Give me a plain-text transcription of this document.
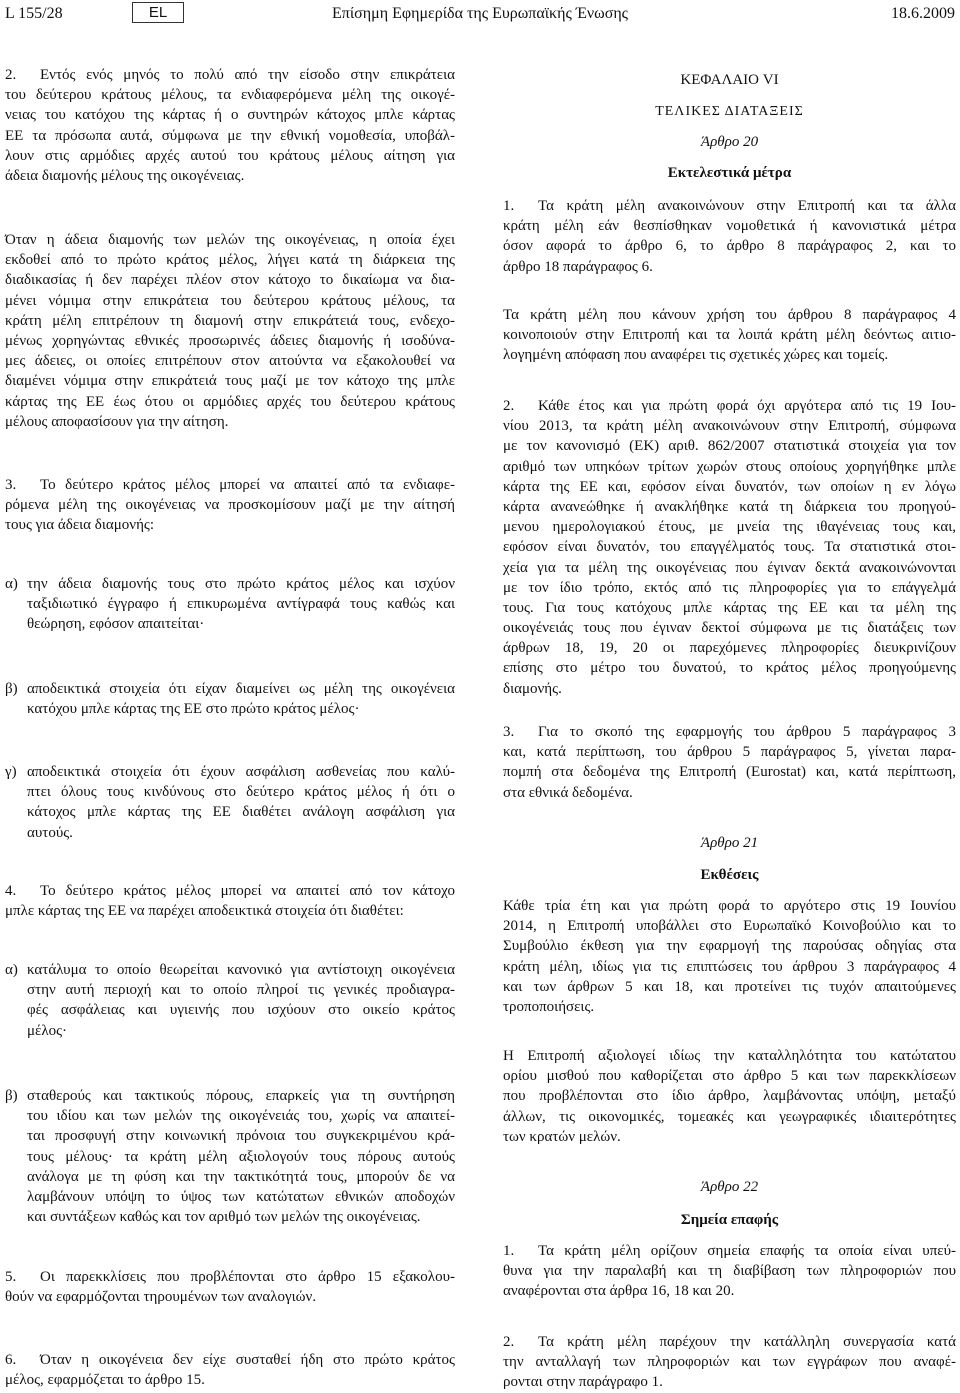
L 155/28	Επίσημη Εφημερίδα της Ευρωπαϊκής Ένωσης
EL	18.6.2009
2. Εντός ενός μηνός το πολύ από την είσοδο στην επικράτεια
του δεύτερου κράτους μέλους, τα ενδιαφερόμενα μέλη της οικογέ-
νειας του κατόχου της κάρτας ή ο συντηρών κάτοχος μπλε κάρτας
ΕΕ τα πρόσωπα αυτά, σύμφωνα με την εθνική νομοθεσία, υποβάλ-
λουν στις αρμόδιες αρχές αυτού του κράτους μέλους αίτηση για
άδεια διαμονής μέλους της οικογένειας.
Όταν η άδεια διαμονής των μελών της οικογένειας, η οποία έχει
εκδοθεί από το πρώτο κράτος μέλος, λήγει κατά τη διάρκεια της
διαδικασίας ή δεν παρέχει πλέον στον κάτοχο το δικαίωμα να δια-
μένει νόμιμα στην επικράτεια του δεύτερου κράτους μέλους, τα
κράτη μέλη επιτρέπουν τη διαμονή στην επικράτειά τους, ενδεχο-
μένως χορηγώντας εθνικές προσωρινές άδειες διαμονής ή ισοδύνα-
μες άδειες, οι οποίες επιτρέπουν στον αιτούντα να εξακολουθεί να
διαμένει νόμιμα στην επικράτειά τους μαζί με τον κάτοχο της μπλε
κάρτας της ΕΕ έως ότου οι αρμόδιες αρχές του δεύτερου κράτους
μέλους αποφασίσουν για την αίτηση.
3. Το δεύτερο κράτος μέλος μπορεί να απαιτεί από τα ενδιαφε-
ρόμενα μέλη της οικογένειας να προσκομίσουν μαζί με την αίτησή
τους για άδεια διαμονής:
α) την άδεια διαμονής τους στο πρώτο κράτος μέλος και ισχύον
ταξιδιωτικό έγγραφο ή επικυρωμένα αντίγραφά τους καθώς και
θεώρηση, εφόσον απαιτείται·
β) αποδεικτικά στοιχεία ότι είχαν διαμείνει ως μέλη της οικογένεια
κατόχου μπλε κάρτας της ΕΕ στο πρώτο κράτος μέλος·
γ) αποδεικτικά στοιχεία ότι έχουν ασφάλιση ασθενείας που καλύ-
πτει όλους τους κινδύνους στο δεύτερο κράτος μέλος ή ότι ο
κάτοχος μπλε κάρτας της ΕΕ διαθέτει ανάλογη ασφάλιση για
αυτούς.
4. Το δεύτερο κράτος μέλος μπορεί να απαιτεί από τον κάτοχο
μπλε κάρτας της ΕΕ να παρέχει αποδεικτικά στοιχεία ότι διαθέτει:
α) κατάλυμα το οποίο θεωρείται κανονικό για αντίστοιχη οικογένεια
στην αυτή περιοχή και το οποίο πληροί τις γενικές προδιαγρα-
φές ασφάλειας και υγιεινής που ισχύουν στο οικείο κράτος
μέλος·
β) σταθερούς και τακτικούς πόρους, επαρκείς για τη συντήρηση
του ιδίου και των μελών της οικογένειάς του, χωρίς να απαιτεί-
ται προσφυγή στην κοινωνική πρόνοια του συγκεκριμένου κρά-
τους μέλους· τα κράτη μέλη αξιολογούν τους πόρους αυτούς
ανάλογα με τη φύση και την τακτικότητά τους, μπορούν δε να
λαμβάνουν υπόψη το ύψος των κατώτατων εθνικών αποδοχών
και συντάξεων καθώς και τον αριθμό των μελών της οικογένειας.
5. Οι παρεκκλίσεις που προβλέπονται στο άρθρο 15 εξακολου-
θούν να εφαρμόζονται τηρουμένων των αναλογιών.
6. Όταν η οικογένεια δεν είχε συσταθεί ήδη στο πρώτο κράτος
μέλος, εφαρμόζεται το άρθρο 15.
ΚΕΦΑΛΑΙΟ VI
ΤΕΛΙΚΕΣ ΔΙΑΤΑΞΕΙΣ
Άρθρο 20
Εκτελεστικά μέτρα
1. Τα κράτη μέλη ανακοινώνουν στην Επιτροπή και τα άλλα
κράτη μέλη εάν θεσπίσθηκαν νομοθετικά ή κανονιστικά μέτρα
όσον αφορά το άρθρο 6, το άρθρο 8 παράγραφος 2, και το
άρθρο 18 παράγραφος 6.
Τα κράτη μέλη που κάνουν χρήση του άρθρου 8 παράγραφος 4
κοινοποιούν στην Επιτροπή και τα λοιπά κράτη μέλη δεόντως αιτιο-
λογημένη απόφαση που αναφέρει τις σχετικές χώρες και τομείς.
2. Κάθε έτος και για πρώτη φορά όχι αργότερα από τις 19 Ιου-
νίου 2013, τα κράτη μέλη ανακοινώνουν στην Επιτροπή, σύμφωνα
με τον κανονισμό (ΕΚ) αριθ. 862/2007 στατιστικά στοιχεία για τον
αριθμό των υπηκόων τρίτων χωρών στους οποίους χορηγήθηκε μπλε
κάρτα της ΕΕ και, εφόσον είναι δυνατόν, των οποίων η εν λόγω
κάρτα ανανεώθηκε ή ανακλήθηκε κατά τη διάρκεια του προηγού-
μενου ημερολογιακού έτους, με μνεία της ιθαγένειας τους και,
εφόσον είναι δυνατόν, του επαγγέλματός τους. Τα στατιστικά στοι-
χεία για τα μέλη της οικογένειας που έγιναν δεκτά ανακοινώνονται
με τον ίδιο τρόπο, εκτός από τις πληροφορίες για το επάγγελμά
τους. Για τους κατόχους μπλε κάρτας της ΕΕ και τα μέλη της
οικογένειάς τους που έγιναν δεκτοί σύμφωνα με τις διατάξεις των
άρθρων 18, 19, 20 οι παρεχόμενες πληροφορίες διευκρινίζουν
επίσης στο μέτρο του δυνατού, το κράτος μέλος προηγούμενης
διαμονής.
3. Για το σκοπό της εφαρμογής του άρθρου 5 παράγραφος 3
και, κατά περίπτωση, του άρθρου 5 παράγραφος 5, γίνεται παρα-
πομπή στα δεδομένα της Επιτροπή (Eurostat) και, κατά περίπτωση,
στα εθνικά δεδομένα.
Άρθρο 21
Εκθέσεις
Κάθε τρία έτη και για πρώτη φορά το αργότερο στις 19 Ιουνίου
2014, η Επιτροπή υποβάλλει στο Ευρωπαϊκό Κοινοβούλιο και το
Συμβούλιο έκθεση για την εφαρμογή της παρούσας οδηγίας στα
κράτη μέλη, ιδίως για τις επιπτώσεις του άρθρου 3 παράγραφος 4
και των άρθρων 5 και 18, και προτείνει τις τυχόν απαιτούμενες
τροποποιήσεις.
Η Επιτροπή αξιολογεί ιδίως την καταλληλότητα του κατώτατου
ορίου μισθού που καθορίζεται στο άρθρο 5 και των παρεκκλίσεων
που προβλέπονται στο ίδιο άρθρο, λαμβάνοντας υπόψη, μεταξύ
άλλων, τις οικονομικές, τομεακές και γεωγραφικές ιδιαιτερότητες
των κρατών μελών.
Άρθρο 22
Σημεία επαφής
1. Τα κράτη μέλη ορίζουν σημεία επαφής τα οποία είναι υπεύ-
θυνα για την παραλαβή και τη διαβίβαση των πληροφοριών που
αναφέρονται στα άρθρα 16, 18 και 20.
2. Τα κράτη μέλη παρέχουν την κατάλληλη συνεργασία κατά
την ανταλλαγή των πληροφοριών και των εγγράφων που αναφέ-
ρονται στην παράγραφο 1.
